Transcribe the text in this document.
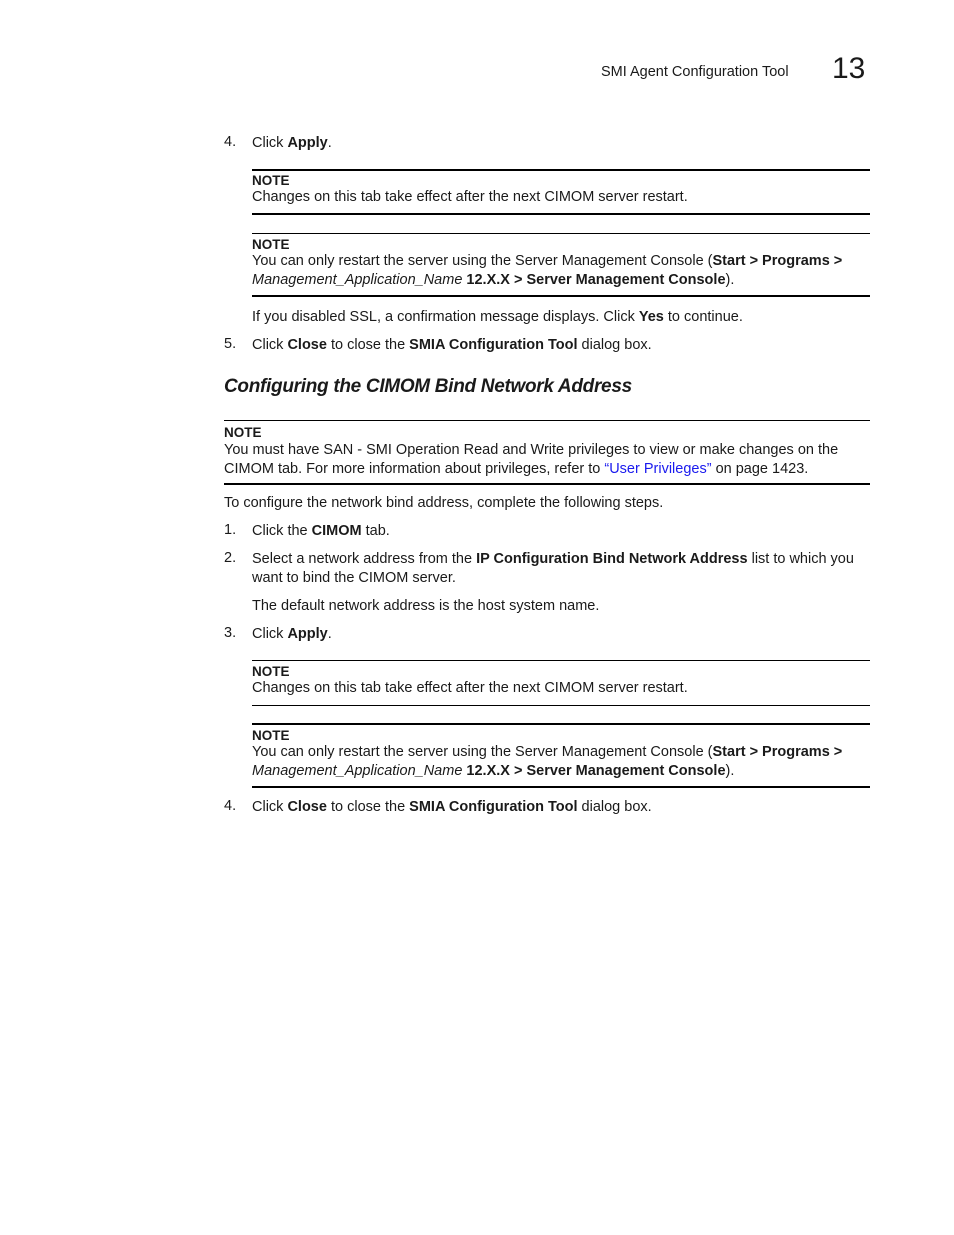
SMI Agent Configuration Tool 13
4. Click Apply.
NOTE
Changes on this tab take effect after the next CIMOM server restart.
NOTE
You can only restart the server using the Server Management Console (Start > Programs >
Management_Application_Name 12.X.X > Server Management Console).
If you disabled SSL, a confirmation message displays. Click Yes to continue.
5. Click Close to close the SMIA Configuration Tool dialog box.
Configuring the CIMOM Bind Network Address
NOTE
You must have SAN - SMI Operation Read and Write privileges to view or make changes on the
CIMOM tab. For more information about privileges, refer to “User Privileges” on page 1423.
To configure the network bind address, complete the following steps.
1. Click the CIMOM tab.
2. Select a network address from the IP Configuration Bind Network Address list to which you
want to bind the CIMOM server.
The default network address is the host system name.
3. Click Apply.
NOTE
Changes on this tab take effect after the next CIMOM server restart.
NOTE
You can only restart the server using the Server Management Console (Start > Programs >
Management_Application_Name 12.X.X > Server Management Console).
4. Click Close to close the SMIA Configuration Tool dialog box.
